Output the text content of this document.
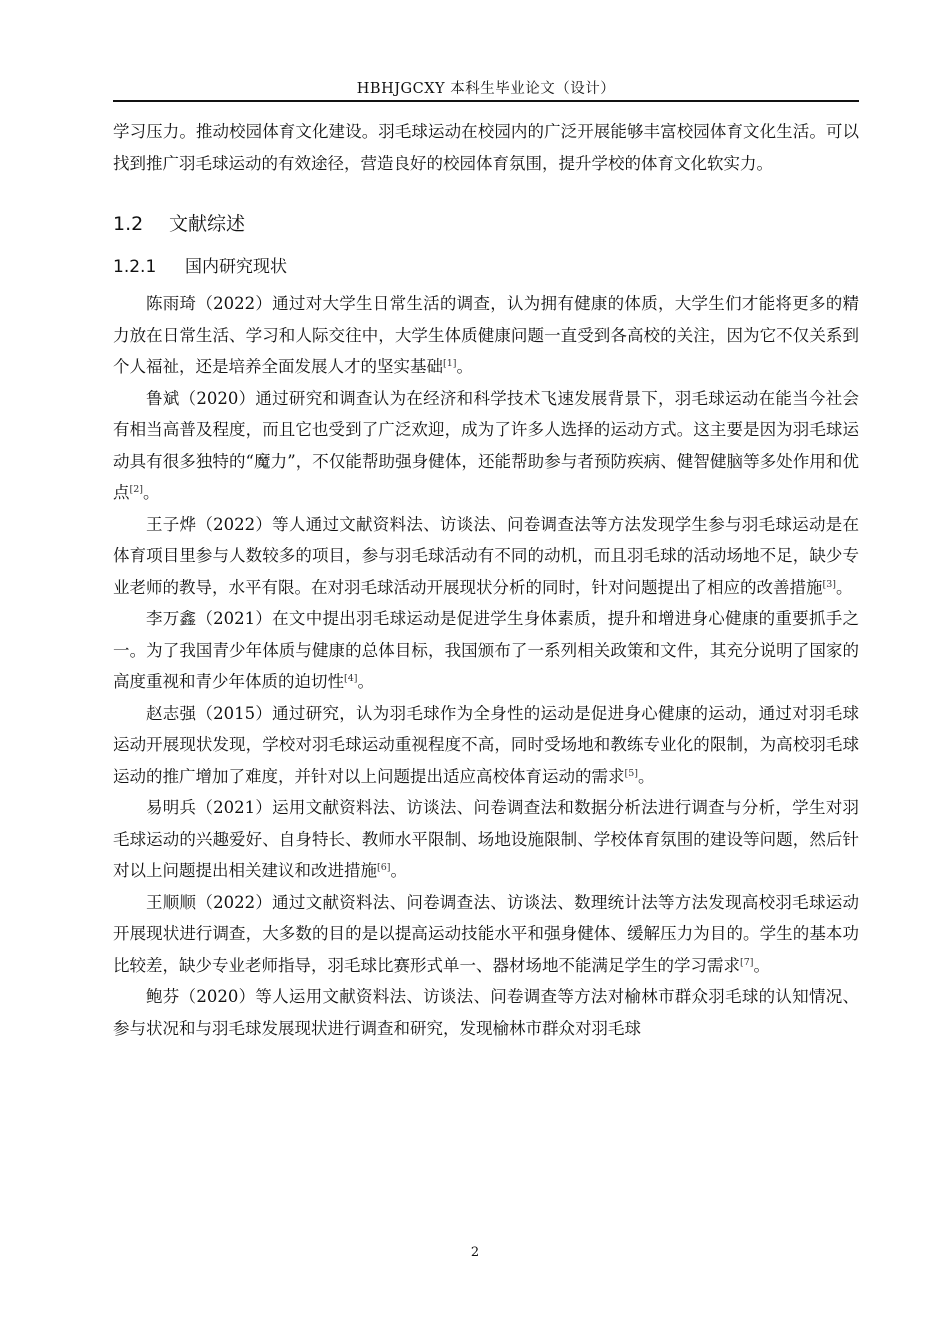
HBHJGCXY 本科生毕业论文（设计）

学习压力。推动校园体育文化建设。羽毛球运动在校园内的广泛开展能够丰富校园体育文化生活。可以找到推广羽毛球运动的有效途径，营造良好的校园体育氛围，提升学校的体育文化软实力。

1.2 文献综述
1.2.1 国内研究现状

陈雨琦（2022）通过对大学生日常生活的调查，认为拥有健康的体质，大学生们才能将更多的精力放在日常生活、学习和人际交往中，大学生体质健康问题一直受到各高校的关注，因为它不仅关系到个人福祉，还是培养全面发展人才的坚实基础[1]。

鲁斌（2020）通过研究和调查认为在经济和科学技术飞速发展背景下，羽毛球运动在能当今社会有相当高普及程度，而且它也受到了广泛欢迎，成为了许多人选择的运动方式。这主要是因为羽毛球运动具有很多独特的“魔力”，不仅能帮助强身健体，还能帮助参与者预防疾病、健智健脑等多处作用和优点[2]。

王子烨（2022）等人通过文献资料法、访谈法、问卷调查法等方法发现学生参与羽毛球运动是在体育项目里参与人数较多的项目，参与羽毛球活动有不同的动机，而且羽毛球的活动场地不足，缺少专业老师的教导，水平有限。在对羽毛球活动开展现状分析的同时，针对问题提出了相应的改善措施[3]。

李万鑫（2021）在文中提出羽毛球运动是促进学生身体素质，提升和增进身心健康的重要抓手之一。为了我国青少年体质与健康的总体目标，我国颁布了一系列相关政策和文件，其充分说明了国家的高度重视和青少年体质的迫切性[4]。

赵志强（2015）通过研究，认为羽毛球作为全身性的运动是促进身心健康的运动，通过对羽毛球运动开展现状发现，学校对羽毛球运动重视程度不高，同时受场地和教练专业化的限制，为高校羽毛球运动的推广增加了难度，并针对以上问题提出适应高校体育运动的需求[5]。

易明兵（2021）运用文献资料法、访谈法、问卷调查法和数据分析法进行调查与分析，学生对羽毛球运动的兴趣爱好、自身特长、教师水平限制、场地设施限制、学校体育氛围的建设等问题，然后针对以上问题提出相关建议和改进措施[6]。

王顺顺（2022）通过文献资料法、问卷调查法、访谈法、数理统计法等方法发现高校羽毛球运动开展现状进行调查，大多数的目的是以提高运动技能水平和强身健体、缓解压力为目的。学生的基本功比较差，缺少专业老师指导，羽毛球比赛形式单一、器材场地不能满足学生的学习需求[7]。

鲍芬（2020）等人运用文献资料法、访谈法、问卷调查等方法对榆林市群众羽毛球的认知情况、参与状况和与羽毛球发展现状进行调查和研究，发现榆林市群众对羽毛球

2
